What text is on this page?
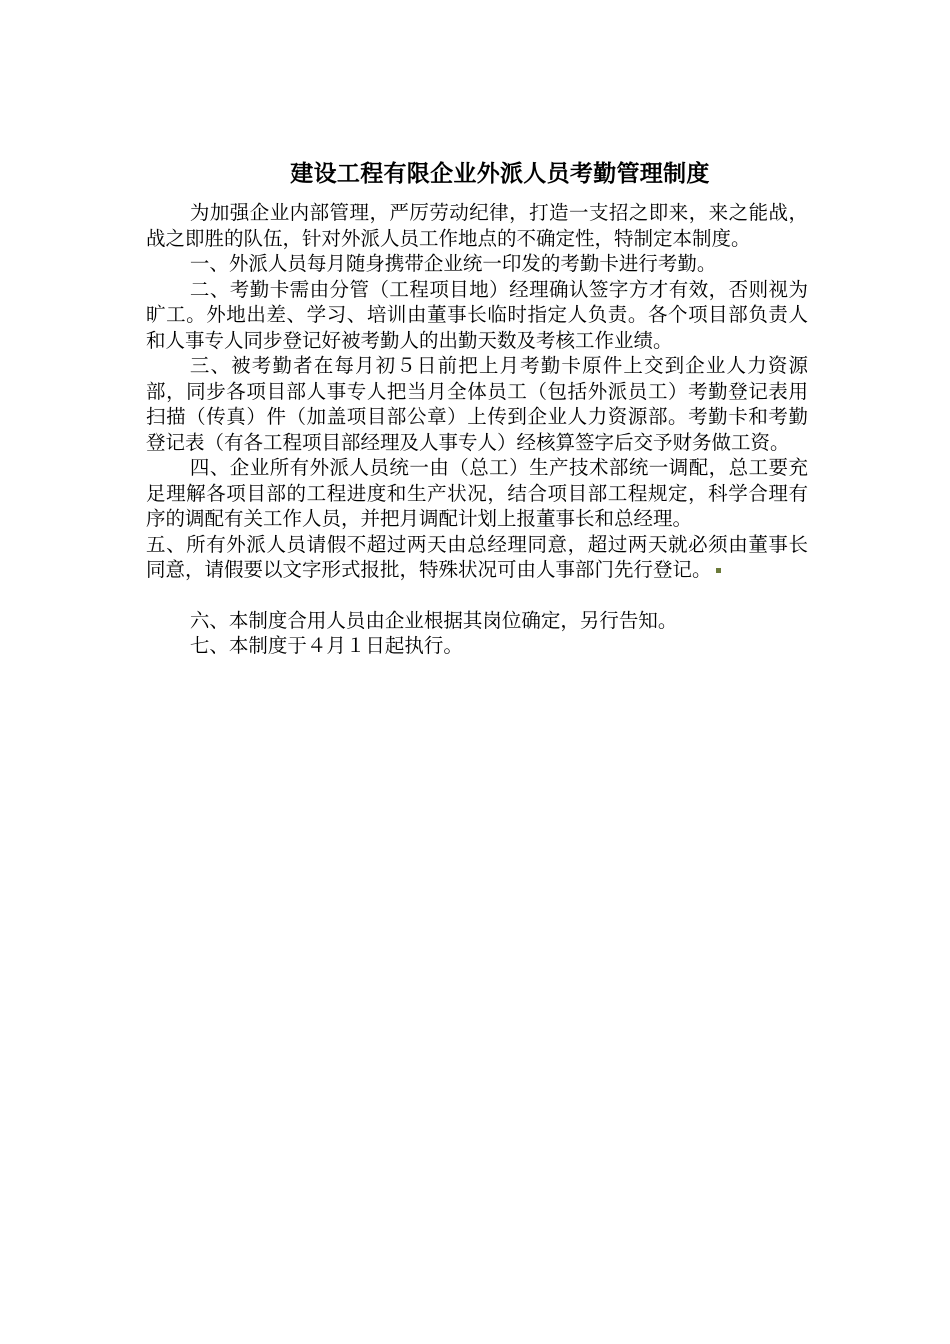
建设工程有限企业外派人员考勤管理制度

为加强企业内部管理，严厉劳动纪律，打造一支招之即来，来之能战，战之即胜的队伍，针对外派人员工作地点的不确定性，特制定本制度。

一、外派人员每月随身携带企业统一印发的考勤卡进行考勤。

二、考勤卡需由分管（工程项目地）经理确认签字方才有效，否则视为旷工。外地出差、学习、培训由董事长临时指定人负责。各个项目部负责人和人事专人同步登记好被考勤人的出勤天数及考核工作业绩。

三、被考勤者在每月初５日前把上月考勤卡原件上交到企业人力资源部，同步各项目部人事专人把当月全体员工（包括外派员工）考勤登记表用扫描（传真）件（加盖项目部公章）上传到企业人力资源部。考勤卡和考勤登记表（有各工程项目部经理及人事专人）经核算签字后交予财务做工资。

四、企业所有外派人员统一由（总工）生产技术部统一调配，总工要充足理解各项目部的工程进度和生产状况，结合项目部工程规定，科学合理有序的调配有关工作人员，并把月调配计划上报董事长和总经理。

五、所有外派人员请假不超过两天由总经理同意，超过两天就必须由董事长同意，请假要以文字形式报批，特殊状况可由人事部门先行登记。

六、本制度合用人员由企业根据其岗位确定，另行告知。

七、本制度于４月１日起执行。
